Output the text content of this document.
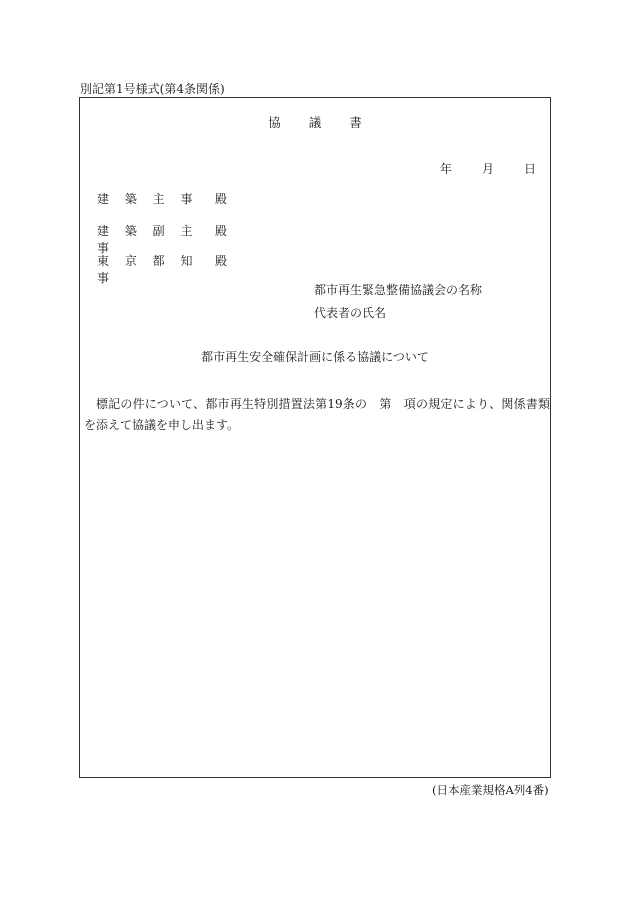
別記第1号様式(第4条関係)
協 議 書
年	月	日
建 築 主 事	殿
建 築 副 主 事
殿
東 京 都 知 事
殿
都市再生緊急整備協議会の名称
代表者の氏名
都市再生安全確保計画に係る協議について
標記の件について、都市再生特別措置法第19条の　第　項の規定により、関係書類を添えて協議を申し出ます。
(日本産業規格A列4番)
